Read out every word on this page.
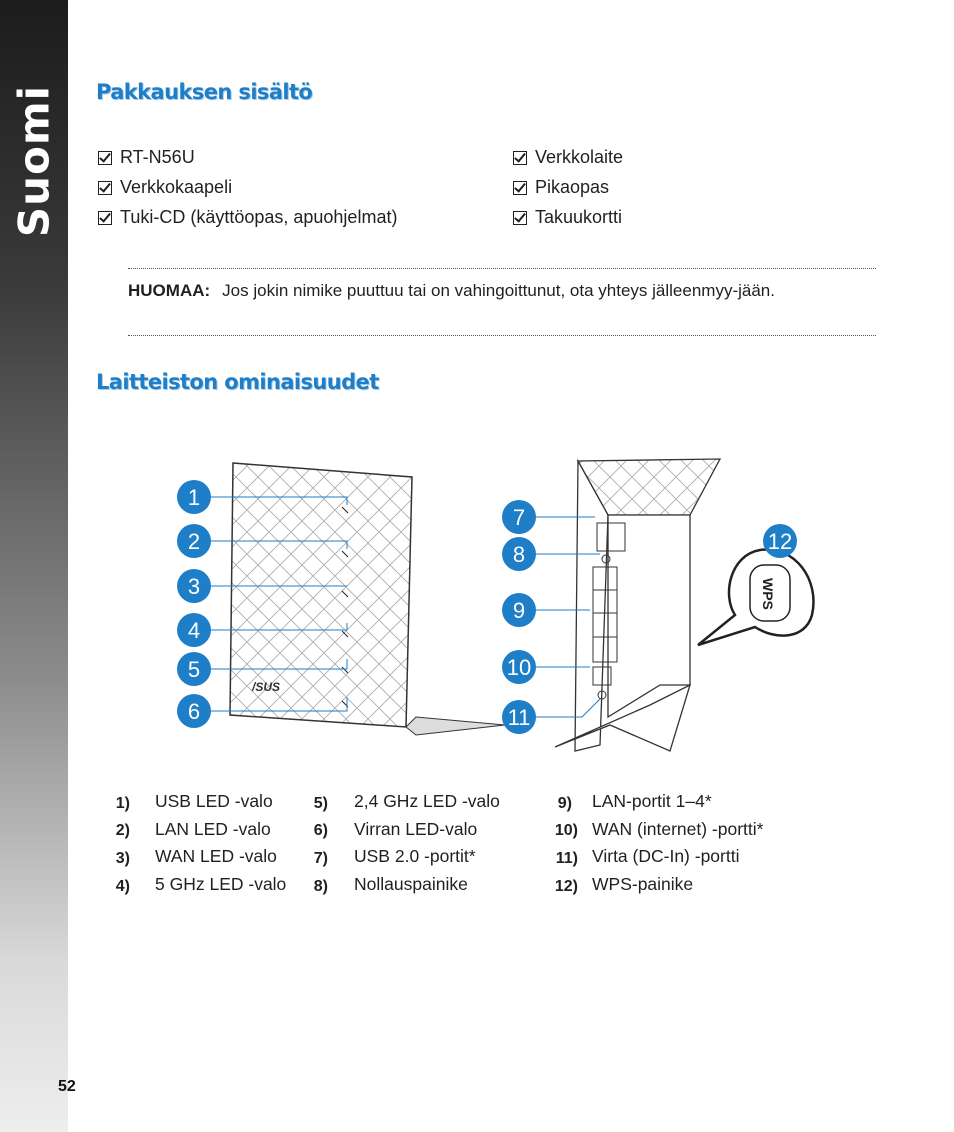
Suomi
52
Pakkauksen sisältö
RT-N56U
Verkkokaapeli
Tuki-CD (käyttöopas, apuohjelmat)
Verkkolaite
Pikaopas
Takuukortti
HUOMAA: Jos jokin nimike puuttuu tai on vahingoittunut, ota yhteys jälleenmyy-jään.
Laitteiston ominaisuudet
/SUS
WPS
1
2
3
4
5
6
7
8
9
10
11
12
1) USB LED -valo
2) LAN LED -valo
3) WAN LED -valo
4) 5 GHz LED -valo
5) 2,4 GHz LED -valo
6) Virran LED-valo
7) USB 2.0 -portit*
8) Nollauspainike
9) LAN-portit 1–4*
10) WAN (internet) -portti*
11) Virta (DC-In) -portti
12) WPS-painike
